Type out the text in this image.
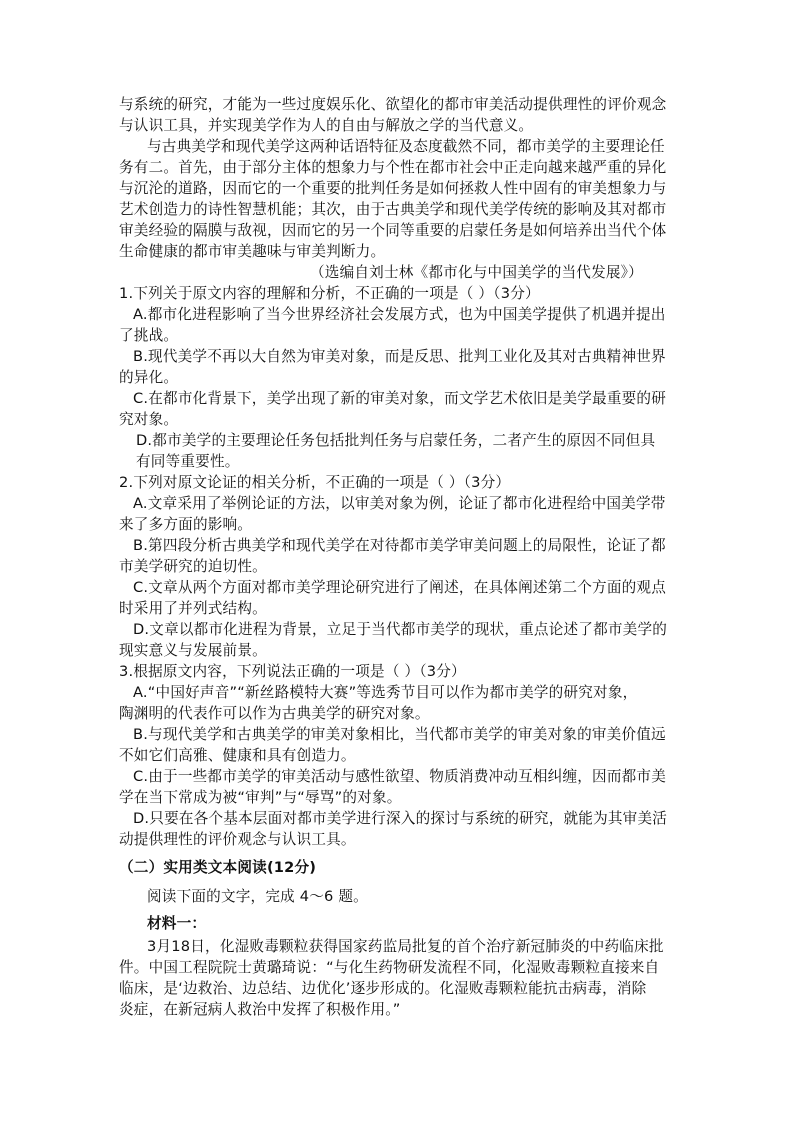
与系统的研究，才能为一些过度娱乐化、欲望化的都市审美活动提供理性的评价观念
与认识工具，并实现美学作为人的自由与解放之学的当代意义。
与古典美学和现代美学这两种话语特征及态度截然不同，都市美学的主要理论任
务有二。首先，由于部分主体的想象力与个性在都市社会中正走向越来越严重的异化
与沉沦的道路，因而它的一个重要的批判任务是如何拯救人性中固有的审美想象力与
艺术创造力的诗性智慧机能；其次，由于古典美学和现代美学传统的影响及其对都市
审美经验的隔膜与敌视，因而它的另一个同等重要的启蒙任务是如何培养出当代个体
生命健康的都市审美趣味与审美判断力。
（选编自刘士林《都市化与中国美学的当代发展》）
1.下列关于原文内容的理解和分析，不正确的一项是（ ）（3分）
A.都市化进程影响了当今世界经济社会发展方式，也为中国美学提供了机遇并提出
了挑战。
B.现代美学不再以大自然为审美对象，而是反思、批判工业化及其对古典精神世界
的异化。
C.在都市化背景下，美学出现了新的审美对象，而文学艺术依旧是美学最重要的研
究对象。
D.都市美学的主要理论任务包括批判任务与启蒙任务，二者产生的原因不同但具
有同等重要性。
2.下列对原文论证的相关分析，不正确的一项是（ ）（3分）
A.文章采用了举例论证的方法，以审美对象为例，论证了都市化进程给中国美学带
来了多方面的影响。
B.第四段分析古典美学和现代美学在对待都市美学审美问题上的局限性，论证了都
市美学研究的迫切性。
C.文章从两个方面对都市美学理论研究进行了阐述，在具体阐述第二个方面的观点
时采用了并列式结构。
D.文章以都市化进程为背景，立足于当代都市美学的现状，重点论述了都市美学的
现实意义与发展前景。
3.根据原文内容，下列说法正确的一项是（ ）（3分）
A.“中国好声音”“新丝路模特大赛”等选秀节目可以作为都市美学的研究对象，
陶渊明的代表作可以作为古典美学的研究对象。
B.与现代美学和古典美学的审美对象相比，当代都市美学的审美对象的审美价值远
不如它们高雅、健康和具有创造力。
C.由于一些都市美学的审美活动与感性欲望、物质消费冲动互相纠缠，因而都市美
学在当下常成为被“审判”与“辱骂”的对象。
D.只要在各个基本层面对都市美学进行深入的探讨与系统的研究，就能为其审美活
动提供理性的评价观念与认识工具。
（二）实用类文本阅读(12分)
阅读下面的文字，完成 4～6 题。
材料一：
3月18日，化湿败毒颗粒获得国家药监局批复的首个治疗新冠肺炎的中药临床批
件。中国工程院院士黄璐琦说：“与化生药物研发流程不同，化湿败毒颗粒直接来自
临床，是‘边救治、边总结、边优化’逐步形成的。化湿败毒颗粒能抗击病毒，消除
炎症，在新冠病人救治中发挥了积极作用。”
